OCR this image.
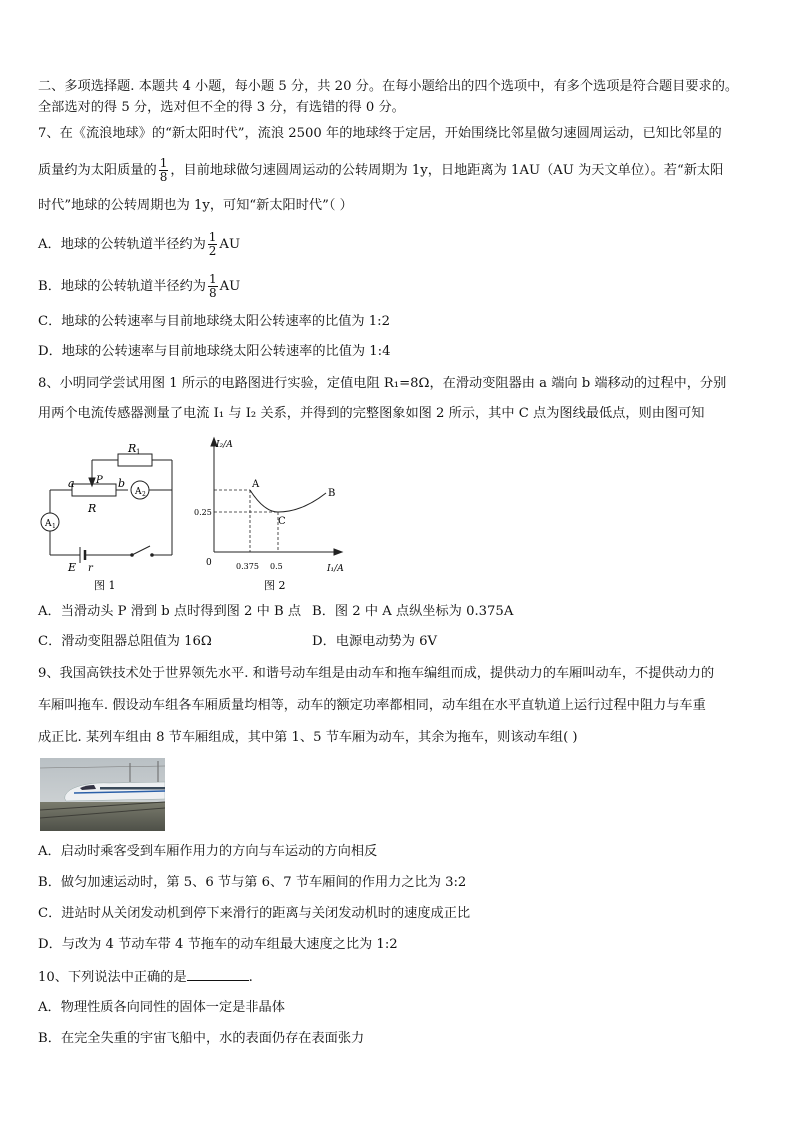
二、多项选择题. 本题共 4 小题，每小题 5 分，共 20 分。在每小题给出的四个选项中，有多个选项是符合题目要求的。
全部选对的得 5 分，选对但不全的得 3 分，有选错的得 0 分。
7、在《流浪地球》的“新太阳时代”，流浪 2500 年的地球终于定居，开始围绕比邻星做匀速圆周运动，已知比邻星的
质量约为太阳质量的 $\frac{1}{8}$ ，目前地球做匀速圆周运动的公转周期为 1y，日地距离为 1AU（AU 为天文单位）。若“新太阳
时代”地球的公转周期也为 1y，可知“新太阳时代”（ ）
A．地球的公转轨道半径约为 $\frac{1}{2}$ AU
B．地球的公转轨道半径约为 $\frac{1}{8}$ AU
C．地球的公转速率与目前地球绕太阳公转速率的比值为 1:2
D．地球的公转速率与目前地球绕太阳公转速率的比值为 1:4
8、小明同学尝试用图 1 所示的电路图进行实验，定值电阻 R₁=8Ω，在滑动变阻器由 a 端向 b 端移动的过程中，分别
用两个电流传感器测量了电流 I₁ 与 I₂ 关系，并得到的完整图象如图 2 所示，其中 C 点为图线最低点，则由图可知
R 1
P
a	b
R
A 2
A 1
E r
图 1
I₂/A
I₁/A
0
0.25
0.375 0.5
A
B
C
图 2
A．当滑动头 P 滑到 b 点时得到图 2 中 B 点 B．图 2 中 A 点纵坐标为 0.375A
C．滑动变阻器总阻值为 16Ω	D．电源电动势为 6V
9、我国高铁技术处于世界领先水平. 和谐号动车组是由动车和拖车编组而成，提供动力的车厢叫动车，不提供动力的
车厢叫拖车. 假设动车组各车厢质量均相等，动车的额定功率都相同，动车组在水平直轨道上运行过程中阻力与车重
成正比. 某列车组由 8 节车厢组成，其中第 1、5 节车厢为动车，其余为拖车，则该动车组( )
A．启动时乘客受到车厢作用力的方向与车运动的方向相反
B．做匀加速运动时，第 5、6 节与第 6、7 节车厢间的作用力之比为 3:2
C．进站时从关闭发动机到停下来滑行的距离与关闭发动机时的速度成正比
D．与改为 4 节动车带 4 节拖车的动车组最大速度之比为 1:2
10、下列说法中正确的是	.
A．物理性质各向同性的固体一定是非晶体
B．在完全失重的宇宙飞船中，水的表面仍存在表面张力
